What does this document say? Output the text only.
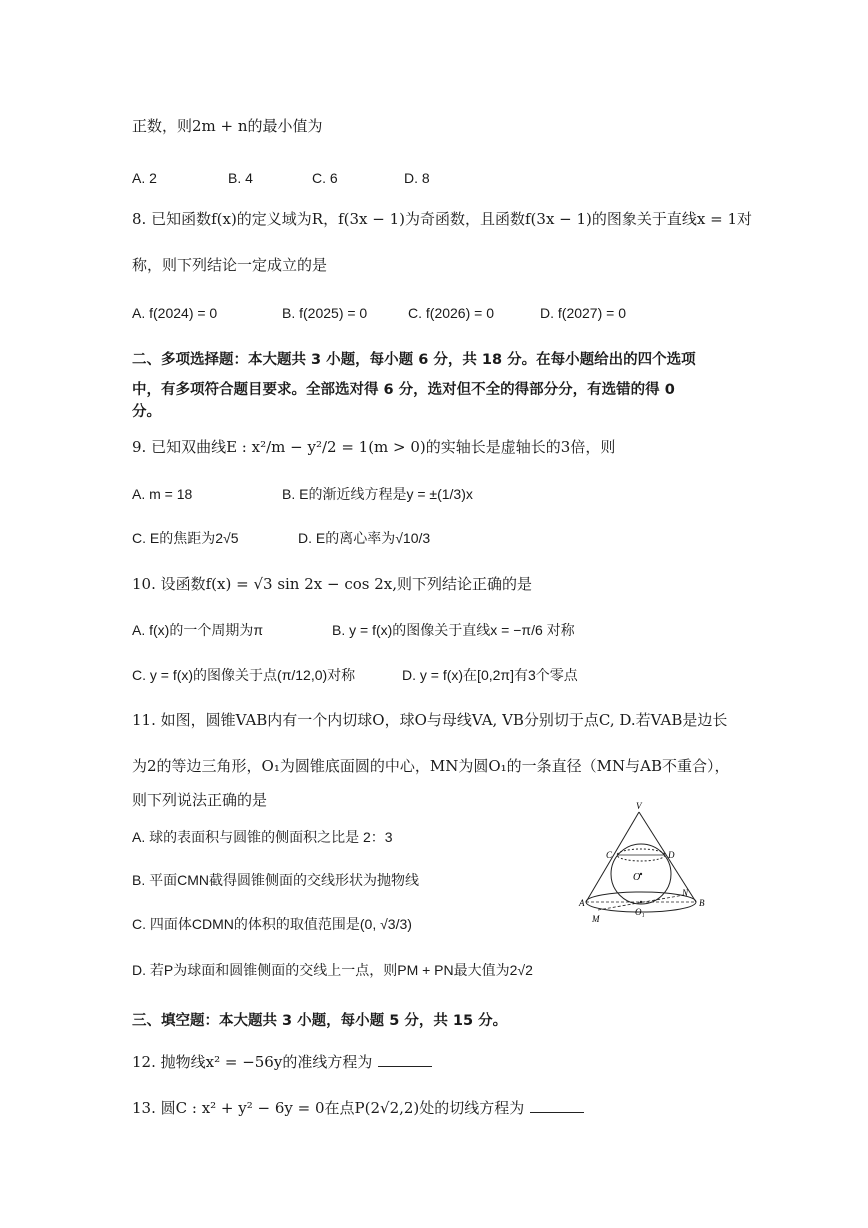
正数，则2m + n的最小值为
A. 2	B. 4	C. 6	D. 8
8. 已知函数f(x)的定义域为R，f(3x − 1)为奇函数，且函数f(3x − 1)的图象关于直线x = 1对
称，则下列结论一定成立的是
A. f(2024) = 0	B. f(2025) = 0	C. f(2026) = 0	D. f(2027) = 0
二、多项选择题：本大题共 3 小题，每小题 6 分，共 18 分。在每小题给出的四个选项
中，有多项符合题目要求。全部选对得 6 分，选对但不全的得部分分，有选错的得 0
分。
9. 已知双曲线E : x²/m − y²/2 = 1(m > 0)的实轴长是虚轴长的3倍，则
A. m = 18	B. E的渐近线方程是y = ±(1/3)x
C. E的焦距为2√5	D. E的离心率为√10/3
10. 设函数f(x) = √3 sin 2x − cos 2x,则下列结论正确的是
A. f(x)的一个周期为π	B. y = f(x)的图像关于直线x = −π/6 对称
C. y = f(x)的图像关于点(π/12,0)对称	D. y = f(x)在[0,2π]有3个零点
11. 如图，圆锥VAB内有一个内切球O，球O与母线VA, VB分别切于点C, D.若VAB是边长
为2的等边三角形，O₁为圆锥底面圆的中心，MN为圆O₁的一条直径（MN与AB不重合），
则下列说法正确的是
A. 球的表面积与圆锥的侧面积之比是 2：3
B. 平面CMN截得圆锥侧面的交线形状为抛物线
C. 四面体CDMN的体积的取值范围是(0, √3/3)
D. 若P为球面和圆锥侧面的交线上一点，则PM + PN最大值为2√2
V
C	D
O
A	B
M
N
O₁
三、填空题：本大题共 3 小题，每小题 5 分，共 15 分。
12. 抛物线x² = −56y的准线方程为
13. 圆C : x² + y² − 6y = 0在点P(2√2,2)处的切线方程为
